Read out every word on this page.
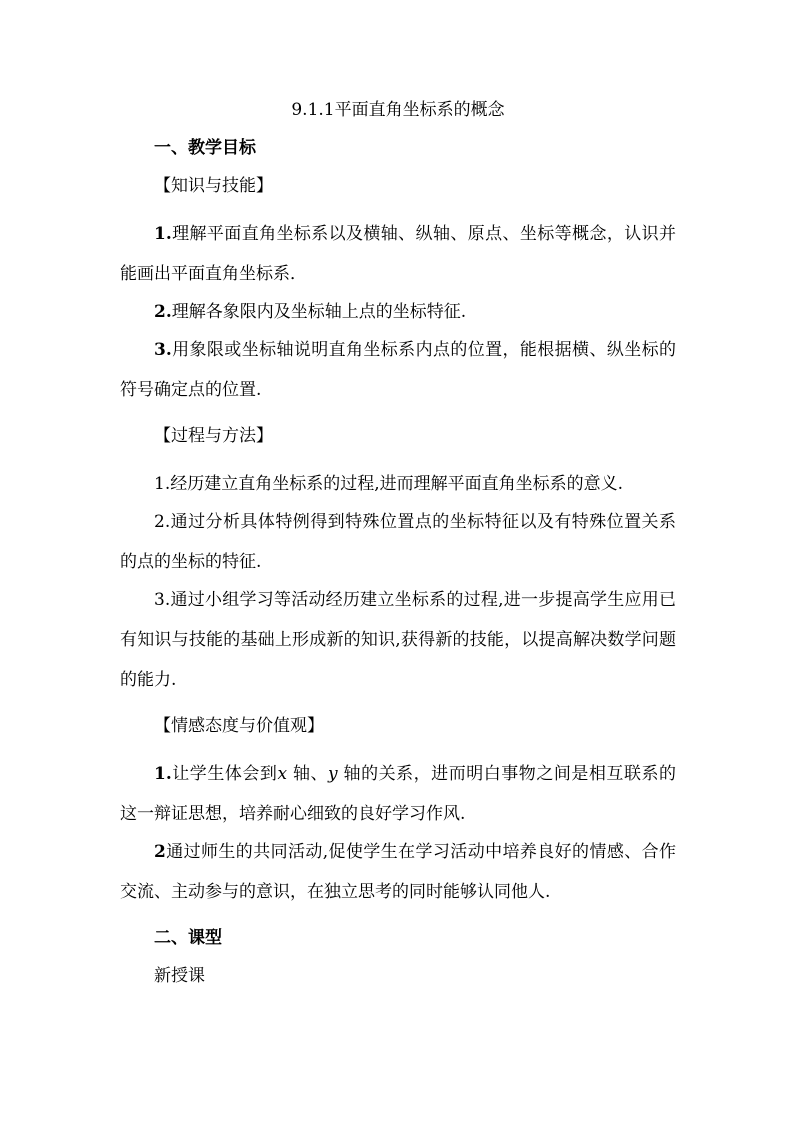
9.1.1平面直角坐标系的概念
一、教学目标
【知识与技能】

1.理解平面直角坐标系以及横轴、纵轴、原点、坐标等概念，认识并能画出平面直角坐标系．

2.理解各象限内及坐标轴上点的坐标特征.

3.用象限或坐标轴说明直角坐标系内点的位置，能根据横、纵坐标的符号确定点的位置.

【过程与方法】

1.经历建立直角坐标系的过程,进而理解平面直角坐标系的意义.

2.通过分析具体特例得到特殊位置点的坐标特征以及有特殊位置关系的点的坐标的特征.

3.通过小组学习等活动经历建立坐标系的过程,进一步提高学生应用已有知识与技能的基础上形成新的知识,获得新的技能，以提高解决数学问题的能力.

【情感态度与价值观】

1.让学生体会到x 轴、y 轴的关系，进而明白事物之间是相互联系的这一辩证思想，培养耐心细致的良好学习作风.

2通过师生的共同活动,促使学生在学习活动中培养良好的情感、合作交流、主动参与的意识，在独立思考的同时能够认同他人.

二、课型

新授课
